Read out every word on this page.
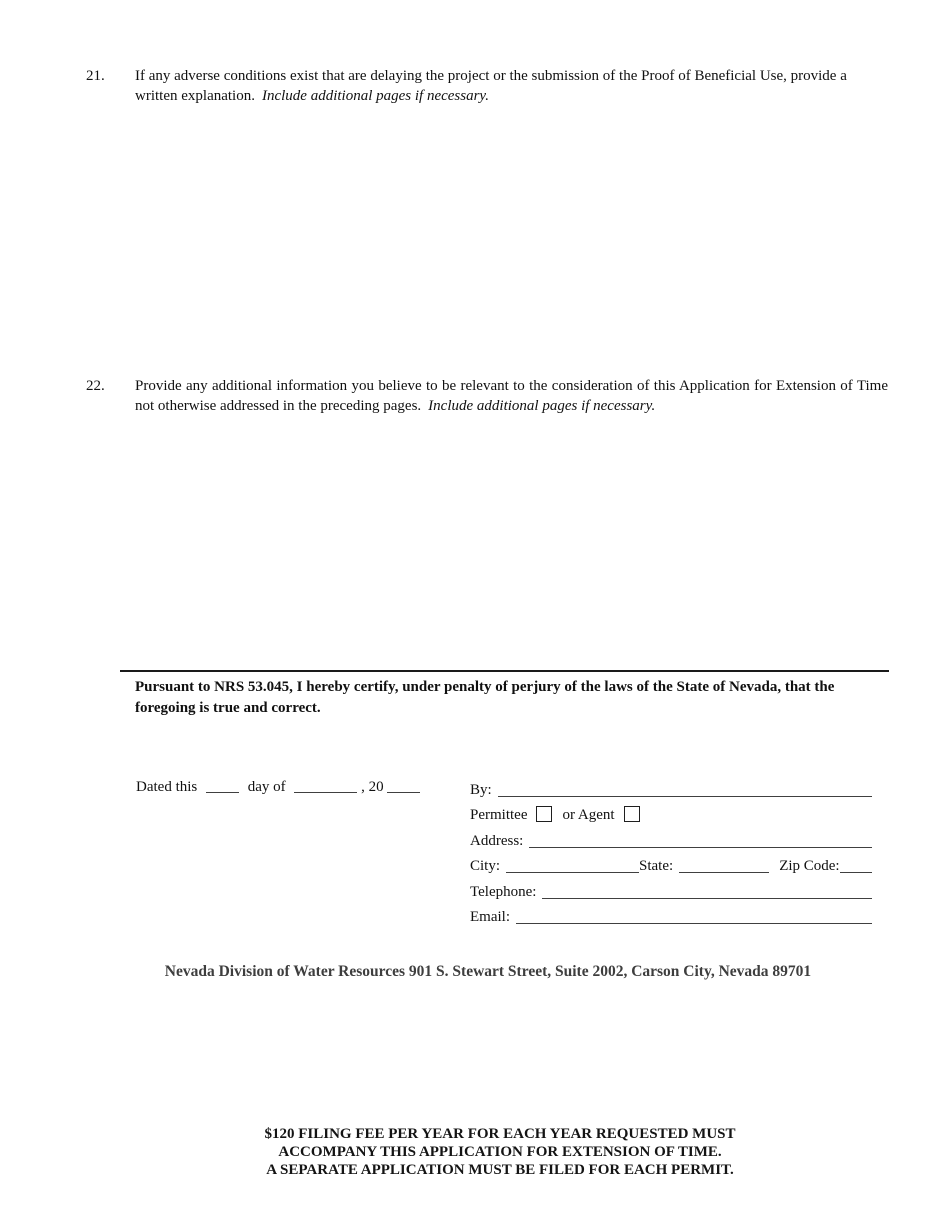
21.	If any adverse conditions exist that are delaying the project or the submission of the Proof of Beneficial Use, provide a written explanation. Include additional pages if necessary.
22.	Provide any additional information you believe to be relevant to the consideration of this Application for Extension of Time not otherwise addressed in the preceding pages. Include additional pages if necessary.
Pursuant to NRS 53.045, I hereby certify, under penalty of perjury of the laws of the State of Nevada, that the foregoing is true and correct.
Dated this	day of	, 20	By:
Permittee or Agent
Address:
City:	State:	Zip Code:
Telephone:
Email:
Nevada Division of Water Resources 901 S. Stewart Street, Suite 2002, Carson City, Nevada 89701
$120 FILING FEE PER YEAR FOR EACH YEAR REQUESTED MUST
ACCOMPANY THIS APPLICATION FOR EXTENSION OF TIME.
A SEPARATE APPLICATION MUST BE FILED FOR EACH PERMIT.
